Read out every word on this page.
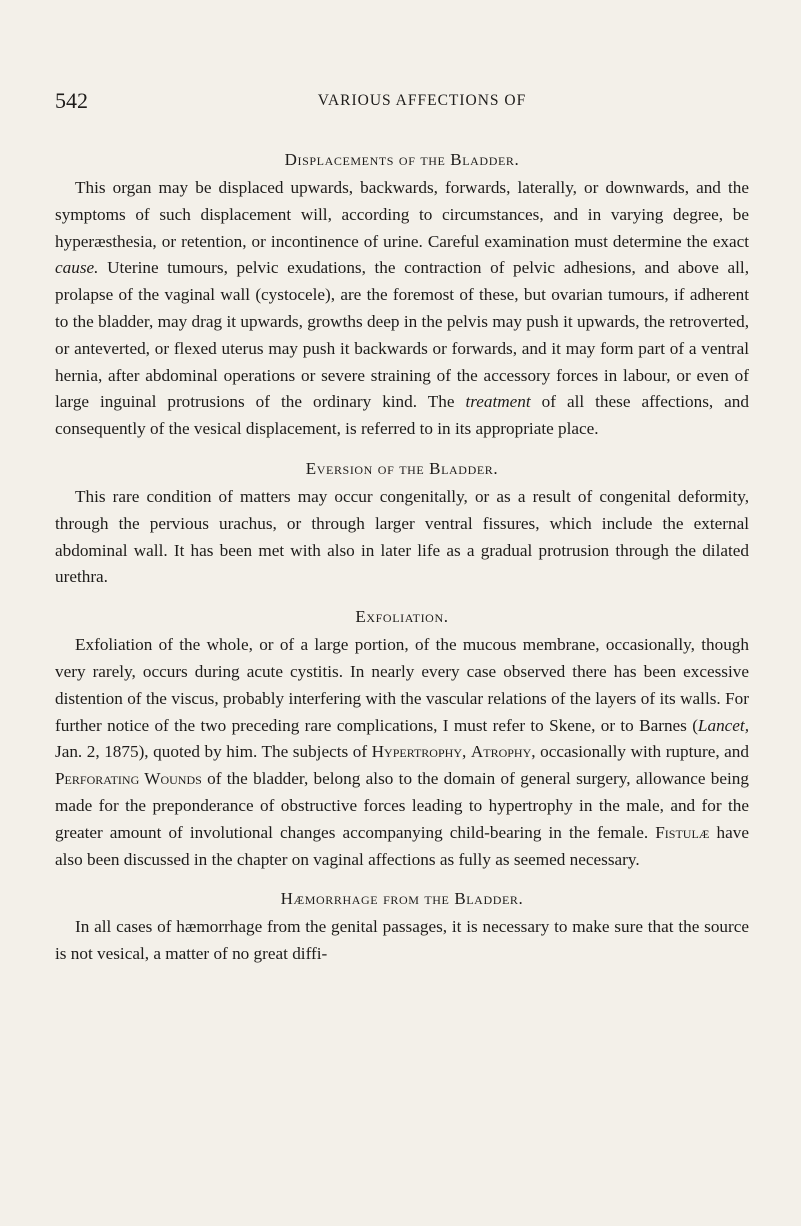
542	VARIOUS AFFECTIONS OF
Displacements of the Bladder.

This organ may be displaced upwards, backwards, forwards, laterally, or downwards, and the symptoms of such displacement will, according to circumstances, and in varying degree, be hyperæsthesia, or retention, or incontinence of urine. Careful examination must determine the exact cause. Uterine tumours, pelvic exudations, the contraction of pelvic adhesions, and above all, prolapse of the vaginal wall (cystocele), are the foremost of these, but ovarian tumours, if adherent to the bladder, may drag it upwards, growths deep in the pelvis may push it upwards, the retroverted, or anteverted, or flexed uterus may push it backwards or forwards, and it may form part of a ventral hernia, after abdominal operations or severe straining of the accessory forces in labour, or even of large inguinal protrusions of the ordinary kind. The treatment of all these affections, and consequently of the vesical displacement, is referred to in its appropriate place.

Eversion of the Bladder.

This rare condition of matters may occur congenitally, or as a result of congenital deformity, through the pervious urachus, or through larger ventral fissures, which include the external abdominal wall. It has been met with also in later life as a gradual protrusion through the dilated urethra.

Exfoliation.

Exfoliation of the whole, or of a large portion, of the mucous membrane, occasionally, though very rarely, occurs during acute cystitis. In nearly every case observed there has been excessive distention of the viscus, probably interfering with the vascular relations of the layers of its walls. For further notice of the two preceding rare complications, I must refer to Skene, or to Barnes (Lancet, Jan. 2, 1875), quoted by him. The subjects of Hypertrophy, Atrophy, occasionally with rupture, and Perforating Wounds of the bladder, belong also to the domain of general surgery, allowance being made for the preponderance of obstructive forces leading to hypertrophy in the male, and for the greater amount of involutional changes accompanying child-bearing in the female. Fistulæ have also been discussed in the chapter on vaginal affections as fully as seemed necessary.

Hæmorrhage from the Bladder.

In all cases of hæmorrhage from the genital passages, it is necessary to make sure that the source is not vesical, a matter of no great diffi-
